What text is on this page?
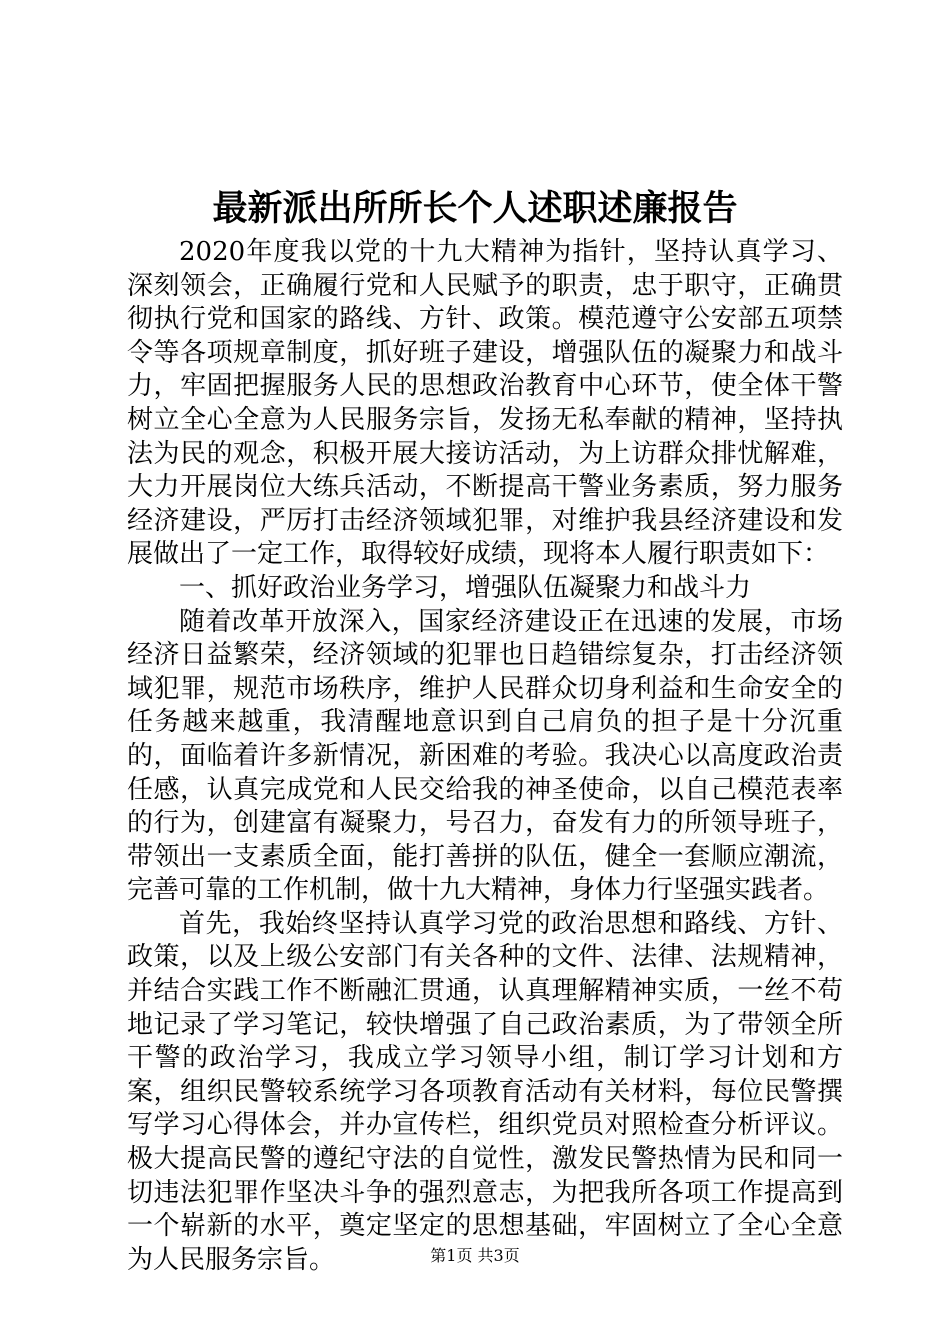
最新派出所所长个人述职述廉报告

2020年度我以党的十九大精神为指针，坚持认真学习、深刻领会，正确履行党和人民赋予的职责，忠于职守，正确贯彻执行党和国家的路线、方针、政策。模范遵守公安部五项禁令等各项规章制度，抓好班子建设，增强队伍的凝聚力和战斗力，牢固把握服务人民的思想政治教育中心环节，使全体干警树立全心全意为人民服务宗旨，发扬无私奉献的精神，坚持执法为民的观念，积极开展大接访活动，为上访群众排忧解难，大力开展岗位大练兵活动，不断提高干警业务素质，努力服务经济建设，严厉打击经济领域犯罪，对维护我县经济建设和发展做出了一定工作，取得较好成绩，现将本人履行职责如下：

一、抓好政治业务学习，增强队伍凝聚力和战斗力

随着改革开放深入，国家经济建设正在迅速的发展，市场经济日益繁荣，经济领域的犯罪也日趋错综复杂，打击经济领域犯罪，规范市场秩序，维护人民群众切身利益和生命安全的任务越来越重，我清醒地意识到自己肩负的担子是十分沉重的，面临着许多新情况，新困难的考验。我决心以高度政治责任感，认真完成党和人民交给我的神圣使命，以自己模范表率的行为，创建富有凝聚力，号召力，奋发有力的所领导班子，带领出一支素质全面，能打善拼的队伍，健全一套顺应潮流，完善可靠的工作机制，做十九大精神，身体力行坚强实践者。

首先，我始终坚持认真学习党的政治思想和路线、方针、政策，以及上级公安部门有关各种的文件、法律、法规精神，并结合实践工作不断融汇贯通，认真理解精神实质，一丝不苟地记录了学习笔记，较快增强了自己政治素质，为了带领全所干警的政治学习，我成立学习领导小组，制订学习计划和方案，组织民警较系统学习各项教育活动有关材料，每位民警撰写学习心得体会，并办宣传栏，组织党员对照检查分析评议。极大提高民警的遵纪守法的自觉性，激发民警热情为民和同一切违法犯罪作坚决斗争的强烈意志，为把我所各项工作提高到一个崭新的水平，奠定坚定的思想基础，牢固树立了全心全意为人民服务宗旨。	第1页 共3页
